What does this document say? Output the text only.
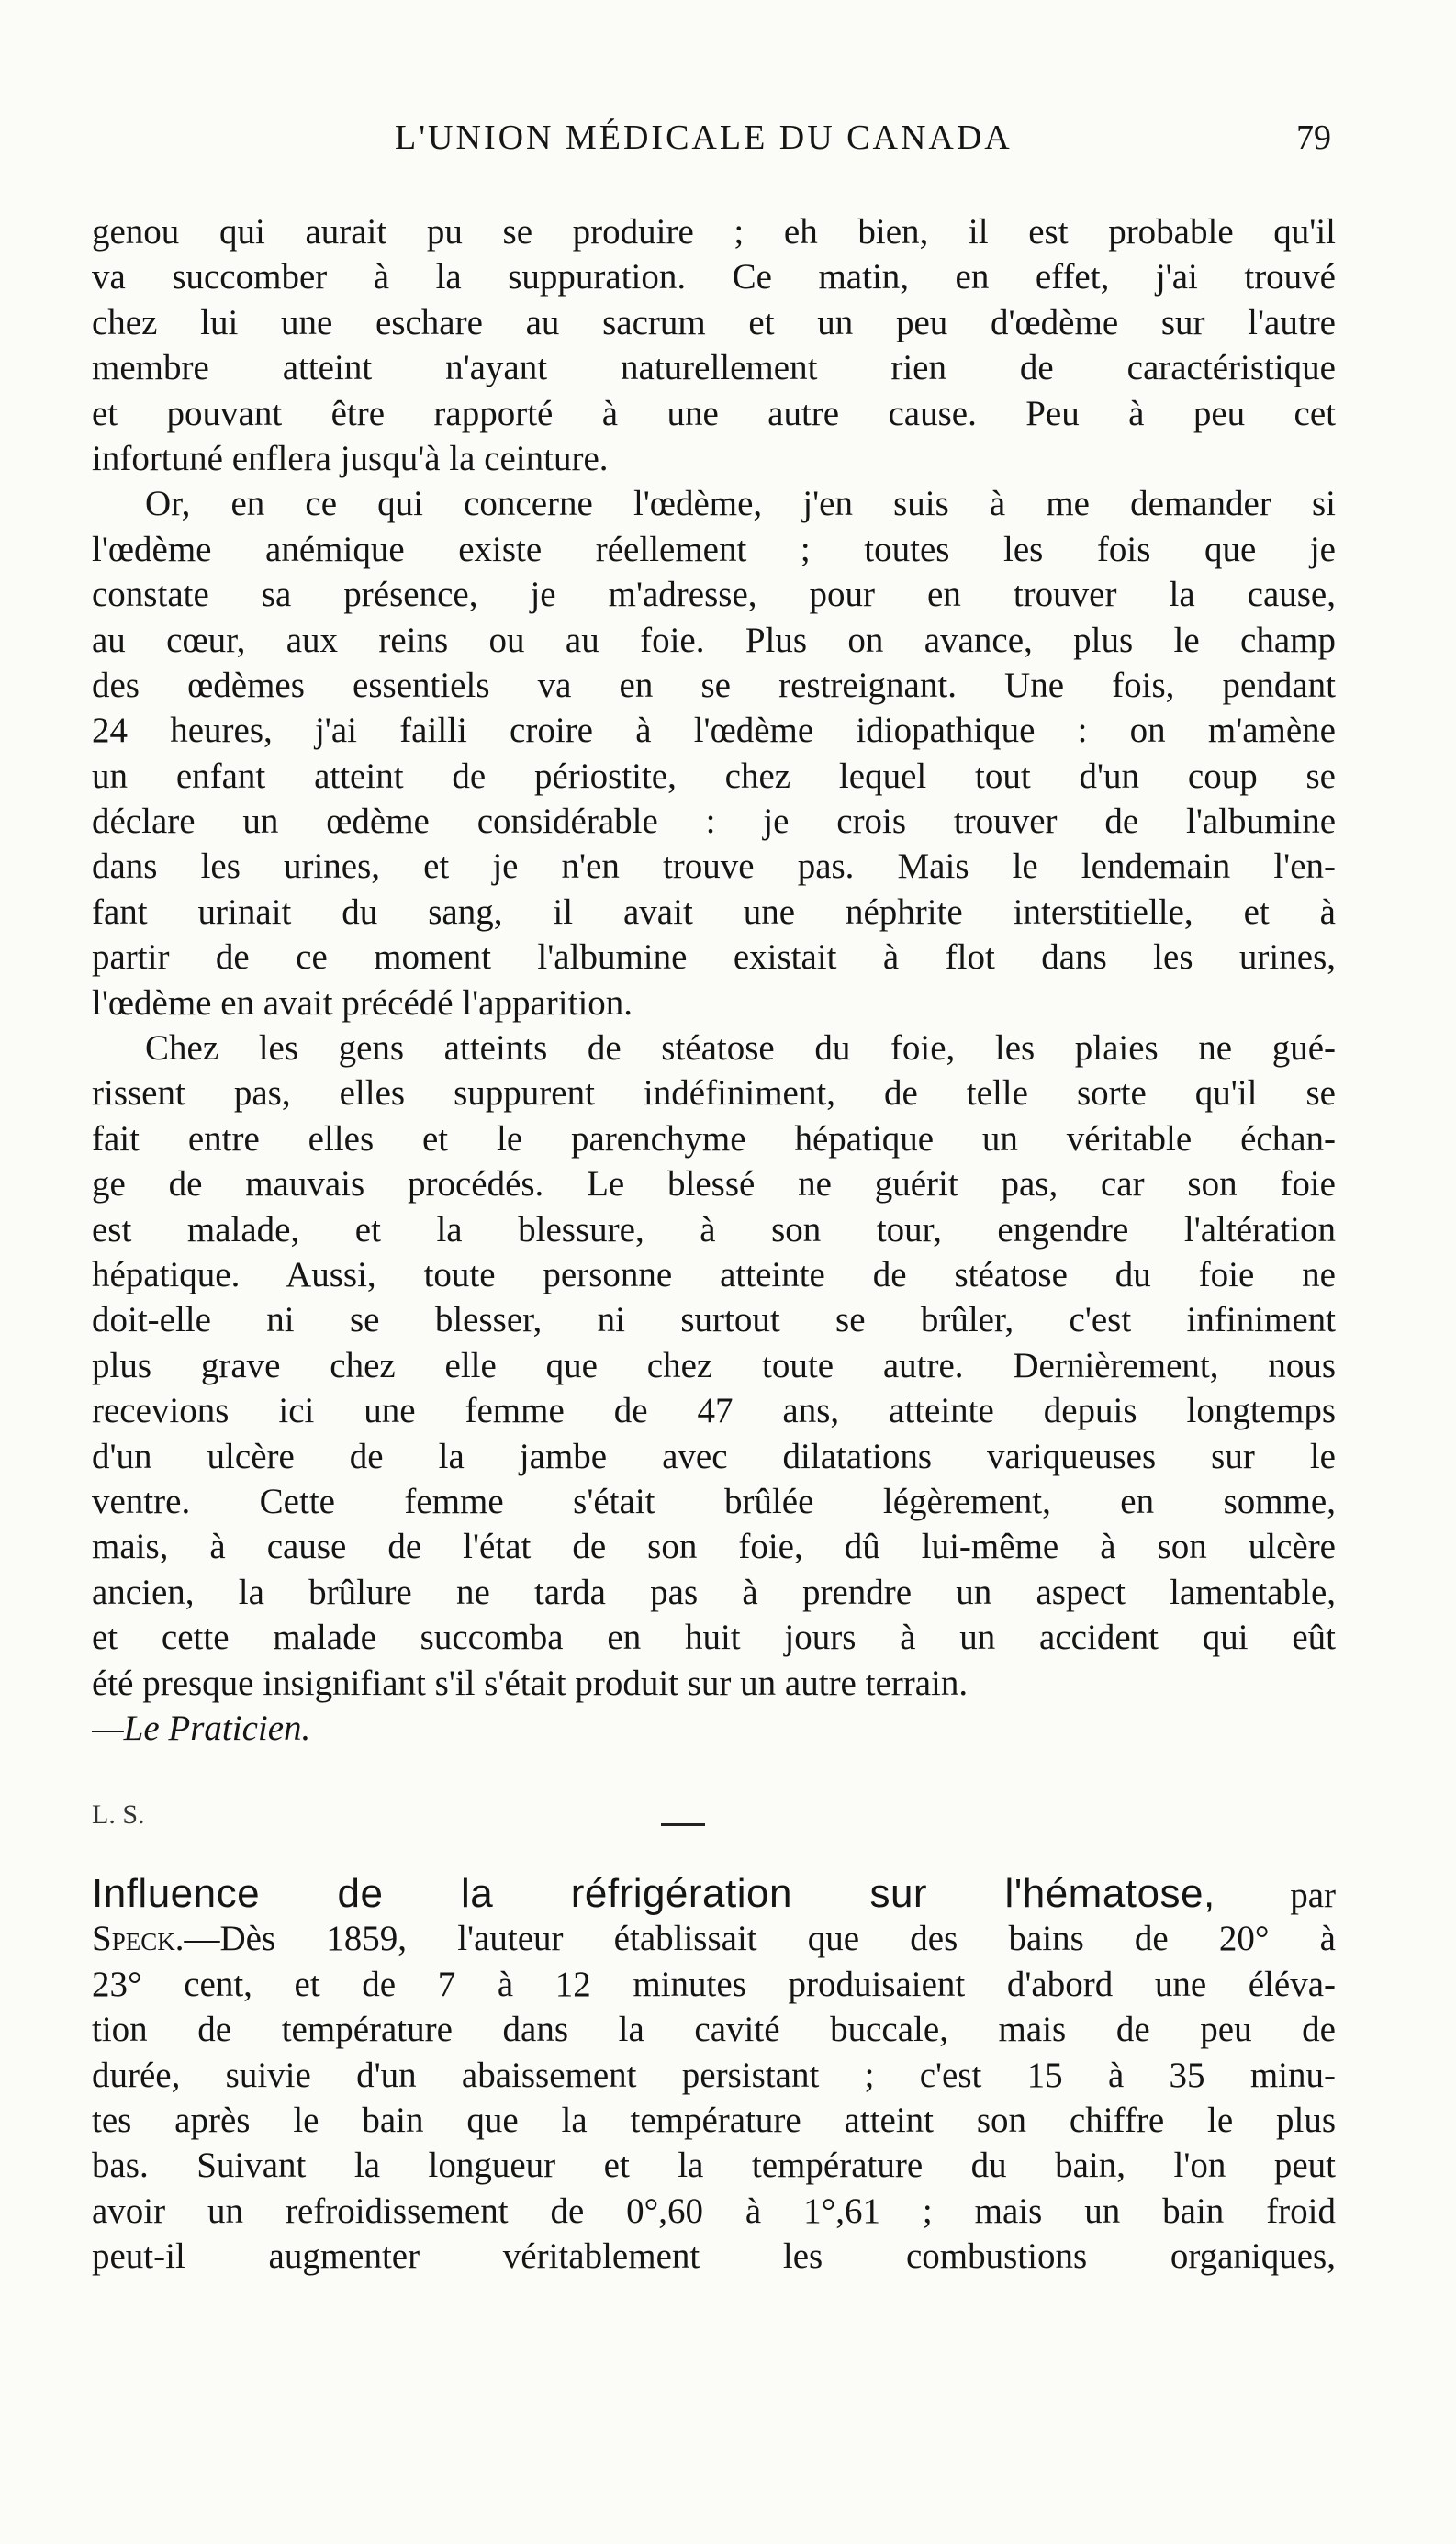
L'UNION MÉDICALE DU CANADA	79
genou qui aurait pu se produire ; eh bien, il est probable qu'il
va succomber à la suppuration. Ce matin, en effet, j'ai trouvé
chez lui une eschare au sacrum et un peu d'œdème sur l'autre
membre atteint n'ayant naturellement rien de caractéristique
et pouvant être rapporté à une autre cause. Peu à peu cet
infortuné enflera jusqu'à la ceinture.
Or, en ce qui concerne l'œdème, j'en suis à me demander si
l'œdème anémique existe réellement ; toutes les fois que je
constate sa présence, je m'adresse, pour en trouver la cause,
au cœur, aux reins ou au foie. Plus on avance, plus le champ
des œdèmes essentiels va en se restreignant. Une fois, pendant
24 heures, j'ai failli croire à l'œdème idiopathique : on m'amène
un enfant atteint de périostite, chez lequel tout d'un coup se
déclare un œdème considérable : je crois trouver de l'albumine
dans les urines, et je n'en trouve pas. Mais le lendemain l'en-
fant urinait du sang, il avait une néphrite interstitielle, et à
partir de ce moment l'albumine existait à flot dans les urines,
l'œdème en avait précédé l'apparition.
Chez les gens atteints de stéatose du foie, les plaies ne gué-
rissent pas, elles suppurent indéfiniment, de telle sorte qu'il se
fait entre elles et le parenchyme hépatique un véritable échan-
ge de mauvais procédés. Le blessé ne guérit pas, car son foie
est malade, et la blessure, à son tour, engendre l'altération
hépatique. Aussi, toute personne atteinte de stéatose du foie ne
doit-elle ni se blesser, ni surtout se brûler, c'est infiniment
plus grave chez elle que chez toute autre. Dernièrement, nous
recevions ici une femme de 47 ans, atteinte depuis longtemps
d'un ulcère de la jambe avec dilatations variqueuses sur le
ventre. Cette femme s'était brûlée légèrement, en somme,
mais, à cause de l'état de son foie, dû lui-même à son ulcère
ancien, la brûlure ne tarda pas à prendre un aspect lamentable,
et cette malade succomba en huit jours à un accident qui eût
été presque insignifiant s'il s'était produit sur un autre terrain.
—Le Praticien.
L. S.
Influence de la réfrigération sur l'hématose, par
Speck.—Dès 1859, l'auteur établissait que des bains de 20° à
23° cent, et de 7 à 12 minutes produisaient d'abord une éléva-
tion de température dans la cavité buccale, mais de peu de
durée, suivie d'un abaissement persistant ; c'est 15 à 35 minu-
tes après le bain que la température atteint son chiffre le plus
bas. Suivant la longueur et la température du bain, l'on peut
avoir un refroidissement de 0°,60 à 1°,61 ; mais un bain froid
peut-il augmenter véritablement les combustions organiques,
